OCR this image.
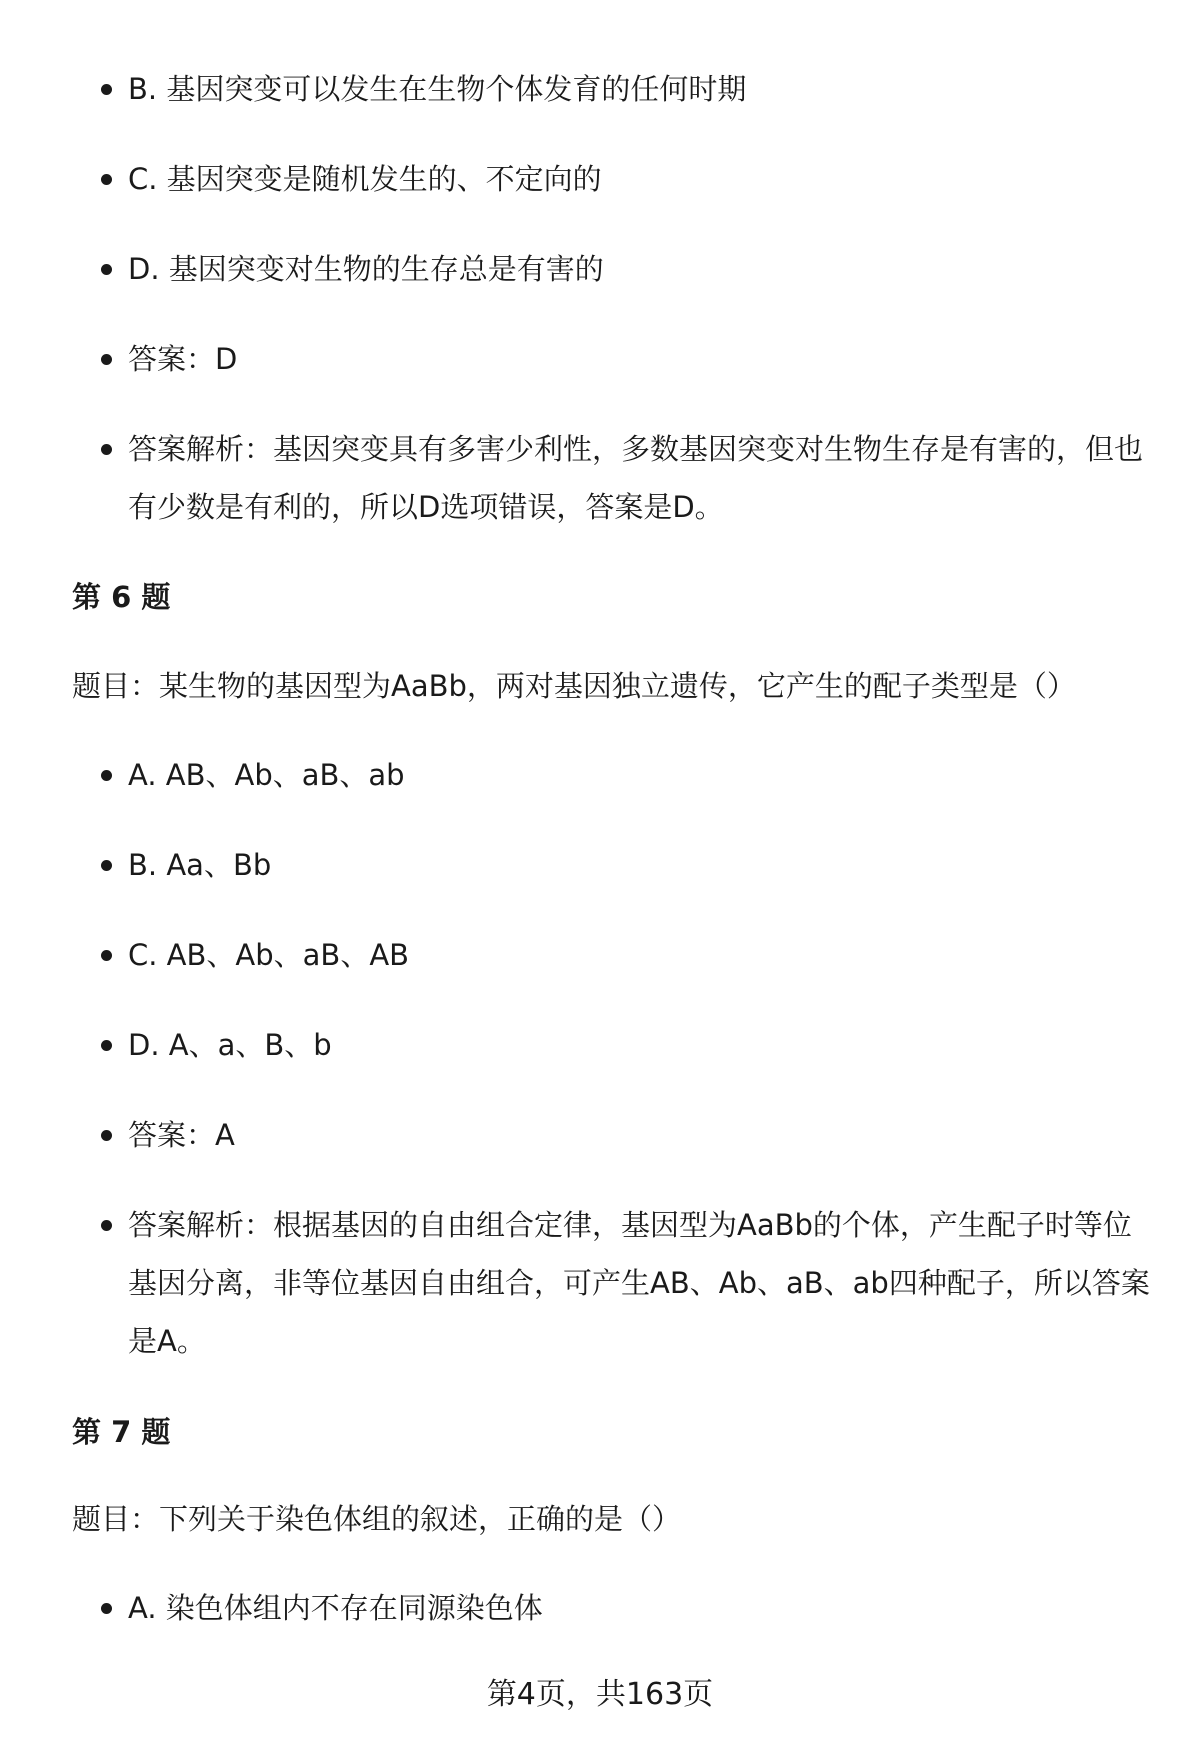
B. 基因突变可以发生在生物个体发育的任何时期
C. 基因突变是随机发生的、不定向的
D. 基因突变对生物的生存总是有害的
答案：D
答案解析：基因突变具有多害少利性，多数基因突变对生物生存是有害的，但也有少数是有利的，所以D选项错误，答案是D。
第 6 题
题目：某生物的基因型为AaBb，两对基因独立遗传，它产生的配子类型是（）
A. AB、Ab、aB、ab
B. Aa、Bb
C. AB、Ab、aB、AB
D. A、a、B、b
答案：A
答案解析：根据基因的自由组合定律，基因型为AaBb的个体，产生配子时等位基因分离，非等位基因自由组合，可产生AB、Ab、aB、ab四种配子，所以答案是A。
第 7 题
题目：下列关于染色体组的叙述，正确的是（）
A. 染色体组内不存在同源染色体
第4页，共163页
